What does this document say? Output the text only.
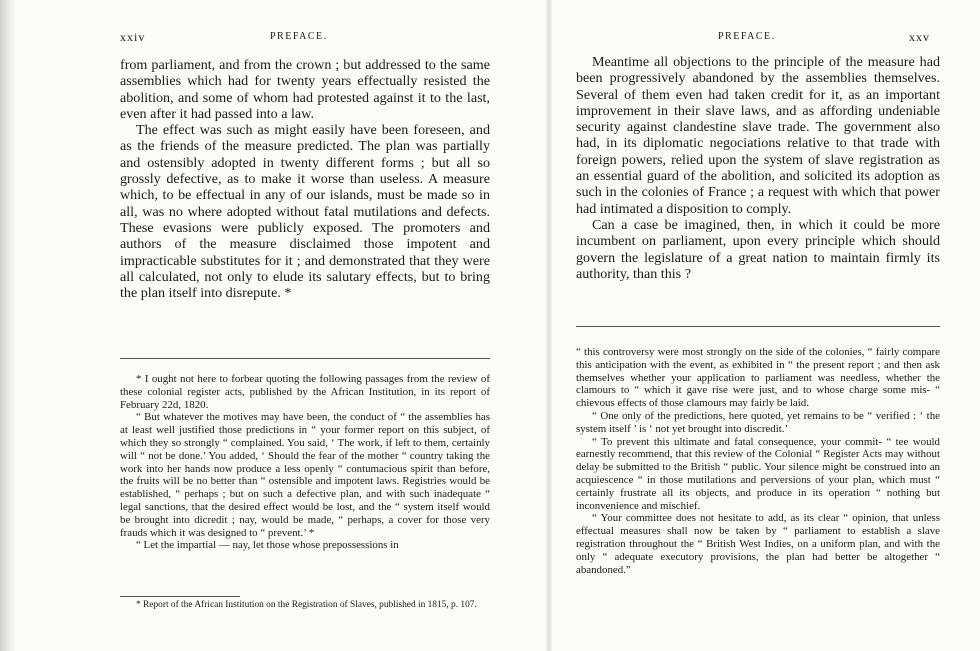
xxiv	PREFACE.

from parliament, and from the crown ; but addressed to the same assemblies which had for twenty years effectually resisted the abolition, and some of whom had protested against it to the last, even after it had passed into a law.

The effect was such as might easily have been foreseen, and as the friends of the measure predicted. The plan was partially and ostensibly adopted in twenty different forms ; but all so grossly defective, as to make it worse than useless. A measure which, to be effectual in any of our islands, must be made so in all, was no where adopted without fatal mutilations and defects. These evasions were publicly exposed. The promoters and authors of the measure disclaimed those impotent and impracticable substitutes for it ; and demonstrated that they were all calculated, not only to elude its salutary effects, but to bring the plan itself into disrepute. *

* I ought not here to forbear quoting the following passages from the review of these colonial register acts, published by the African Institution, in its report of February 22d, 1820.

“ But whatever the motives may have been, the conduct of “ the assemblies has at least well justified those predictions in “ your former report on this subject, of which they so strongly “ complained. You said, ‘ The work, if left to them, certainly will “ not be done.’ You added, ‘ Should the fear of the mother “ country taking the work into her hands now produce a less openly “ contumacious spirit than before, the fruits will be no better than “ ostensible and impotent laws. Registries would be established, “ perhaps ; but on such a defective plan, and with such inadequate “ legal sanctions, that the desired effect would be lost, and the “ system itself would be brought into dicredit ; nay, would be made, “ perhaps, a cover for those very frauds which it was designed to “ prevent.’ *

“ Let the impartial — nay, let those whose prepossessions in

* Report of the African Institution on the Registration of Slaves, published in 1815, p. 107.

PREFACE.	xxv

Meantime all objections to the principle of the measure had been progressively abandoned by the assemblies themselves. Several of them even had taken credit for it, as an important improvement in their slave laws, and as affording undeniable security against clandestine slave trade. The government also had, in its diplomatic negociations relative to that trade with foreign powers, relied upon the system of slave registration as an essential guard of the abolition, and solicited its adoption as such in the colonies of France ; a request with which that power had intimated a disposition to comply.

Can a case be imagined, then, in which it could be more incumbent on parliament, upon every principle which should govern the legislature of a great nation to maintain firmly its authority, than this ?

“ this controversy were most strongly on the side of the colonies, “ fairly compare this anticipation with the event, as exhibited in “ the present report ; and then ask themselves whether your application to parliament was needless, whether the clamours to “ which it gave rise were just, and to whose charge some mis- “ chievous effects of those clamours may fairly be laid.

“ One only of the predictions, here quoted, yet remains to be “ verified : ‘ the system itself ’ is ‘ not yet brought into discredit.’

“ To prevent this ultimate and fatal consequence, your commit- “ tee would earnestly recommend, that this review of the Colonial “ Register Acts may without delay be submitted to the British “ public. Your silence might be construed into an acquiescence “ in those mutilations and perversions of your plan, which must “ certainly frustrate all its objects, and produce in its operation “ nothing but inconvenience and mischief.

“ Your committee does not hesitate to add, as its clear “ opinion, that unless effectual measures shall now be taken by “ parliament to establish a slave registration throughout the “ British West Indies, on a uniform plan, and with the only “ adequate executory provisions, the plan had better be altogether “ abandoned.”
